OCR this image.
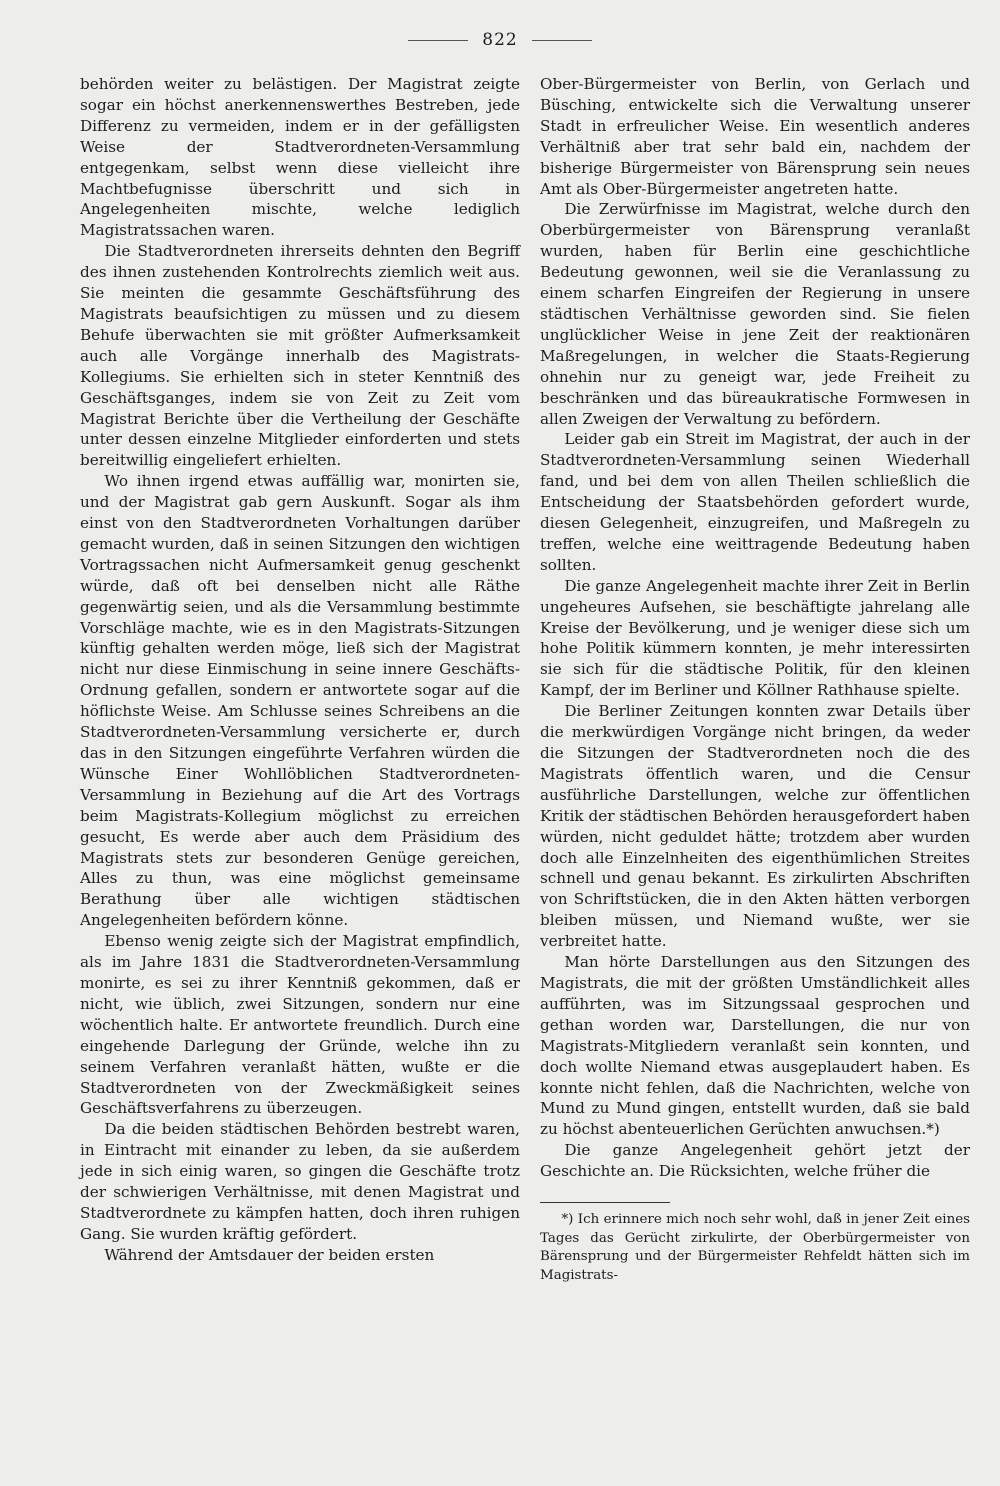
822

behörden weiter zu belästigen. Der Magistrat zeigte sogar ein höchst anerkennenswerthes Bestreben, jede Differenz zu vermeiden, indem er in der gefälligsten Weise der Stadtverordneten-Versammlung entgegenkam, selbst wenn diese vielleicht ihre Machtbefugnisse überschritt und sich in Angelegenheiten mischte, welche lediglich Magistratssachen waren.

Die Stadtverordneten ihrerseits dehnten den Begriff des ihnen zustehenden Kontrolrechts ziemlich weit aus. Sie meinten die gesammte Geschäftsführung des Magistrats beaufsichtigen zu müssen und zu diesem Behufe überwachten sie mit größter Aufmerksamkeit auch alle Vorgänge innerhalb des Magistrats-Kollegiums. Sie erhielten sich in steter Kenntniß des Geschäftsganges, indem sie von Zeit zu Zeit vom Magistrat Berichte über die Vertheilung der Geschäfte unter dessen einzelne Mitglieder einforderten und stets bereitwillig eingeliefert erhielten.

Wo ihnen irgend etwas auffällig war, monirten sie, und der Magistrat gab gern Auskunft. Sogar als ihm einst von den Stadtverordneten Vorhaltungen darüber gemacht wurden, daß in seinen Sitzungen den wichtigen Vortragssachen nicht Aufmersamkeit genug geschenkt würde, daß oft bei denselben nicht alle Räthe gegenwärtig seien, und als die Versammlung bestimmte Vorschläge machte, wie es in den Magistrats-Sitzungen künftig gehalten werden möge, ließ sich der Magistrat nicht nur diese Einmischung in seine innere Geschäfts-Ordnung gefallen, sondern er antwortete sogar auf die höflichste Weise. Am Schlusse seines Schreibens an die Stadtverordneten-Versammlung versicherte er, durch das in den Sitzungen eingeführte Verfahren würden die Wünsche Einer Wohllöblichen Stadtverordneten-Versammlung in Beziehung auf die Art des Vortrags beim Magistrats-Kollegium möglichst zu erreichen gesucht, Es werde aber auch dem Präsidium des Magistrats stets zur besonderen Genüge gereichen, Alles zu thun, was eine möglichst gemeinsame Berathung über alle wichtigen städtischen Angelegenheiten befördern könne.

Ebenso wenig zeigte sich der Magistrat empfindlich, als im Jahre 1831 die Stadtverordneten-Versammlung monirte, es sei zu ihrer Kenntniß gekommen, daß er nicht, wie üblich, zwei Sitzungen, sondern nur eine wöchentlich halte. Er antwortete freundlich. Durch eine eingehende Darlegung der Gründe, welche ihn zu seinem Verfahren veranlaßt hätten, wußte er die Stadtverordneten von der Zweckmäßigkeit seines Geschäftsverfahrens zu überzeugen.

Da die beiden städtischen Behörden bestrebt waren, in Eintracht mit einander zu leben, da sie außerdem jede in sich einig waren, so gingen die Geschäfte trotz der schwierigen Verhältnisse, mit denen Magistrat und Stadtverordnete zu kämpfen hatten, doch ihren ruhigen Gang. Sie wurden kräftig gefördert.

Während der Amtsdauer der beiden ersten

Ober-Bürgermeister von Berlin, von Gerlach und Büsching, entwickelte sich die Verwaltung unserer Stadt in erfreulicher Weise. Ein wesentlich anderes Verhältniß aber trat sehr bald ein, nachdem der bisherige Bürgermeister von Bärensprung sein neues Amt als Ober-Bürgermeister angetreten hatte.

Die Zerwürfnisse im Magistrat, welche durch den Oberbürgermeister von Bärensprung veranlaßt wurden, haben für Berlin eine geschichtliche Bedeutung gewonnen, weil sie die Veranlassung zu einem scharfen Eingreifen der Regierung in unsere städtischen Verhältnisse geworden sind. Sie fielen unglücklicher Weise in jene Zeit der reaktionären Maßregelungen, in welcher die Staats-Regierung ohnehin nur zu geneigt war, jede Freiheit zu beschränken und das büreaukratische Formwesen in allen Zweigen der Verwaltung zu befördern.

Leider gab ein Streit im Magistrat, der auch in der Stadtverordneten-Versammlung seinen Wiederhall fand, und bei dem von allen Theilen schließlich die Entscheidung der Staatsbehörden gefordert wurde, diesen Gelegenheit, einzugreifen, und Maßregeln zu treffen, welche eine weittragende Bedeutung haben sollten.

Die ganze Angelegenheit machte ihrer Zeit in Berlin ungeheures Aufsehen, sie beschäftigte jahrelang alle Kreise der Bevölkerung, und je weniger diese sich um hohe Politik kümmern konnten, je mehr interessirten sie sich für die städtische Politik, für den kleinen Kampf, der im Berliner und Köllner Rathhause spielte.

Die Berliner Zeitungen konnten zwar Details über die merkwürdigen Vorgänge nicht bringen, da weder die Sitzungen der Stadtverordneten noch die des Magistrats öffentlich waren, und die Censur ausführliche Darstellungen, welche zur öffentlichen Kritik der städtischen Behörden herausgefordert haben würden, nicht geduldet hätte; trotzdem aber wurden doch alle Einzelnheiten des eigenthümlichen Streites schnell und genau bekannt. Es zirkulirten Abschriften von Schriftstücken, die in den Akten hätten verborgen bleiben müssen, und Niemand wußte, wer sie verbreitet hatte.

Man hörte Darstellungen aus den Sitzungen des Magistrats, die mit der größten Umständlichkeit alles aufführten, was im Sitzungssaal gesprochen und gethan worden war, Darstellungen, die nur von Magistrats-Mitgliedern veranlaßt sein konnten, und doch wollte Niemand etwas ausgeplaudert haben. Es konnte nicht fehlen, daß die Nachrichten, welche von Mund zu Mund gingen, entstellt wurden, daß sie bald zu höchst abenteuerlichen Gerüchten anwuchsen.*)

Die ganze Angelegenheit gehört jetzt der Geschichte an. Die Rücksichten, welche früher die

*) Ich erinnere mich noch sehr wohl, daß in jener Zeit eines Tages das Gerücht zirkulirte, der Oberbürgermeister von Bärensprung und der Bürgermeister Rehfeldt hätten sich im Magistrats-
